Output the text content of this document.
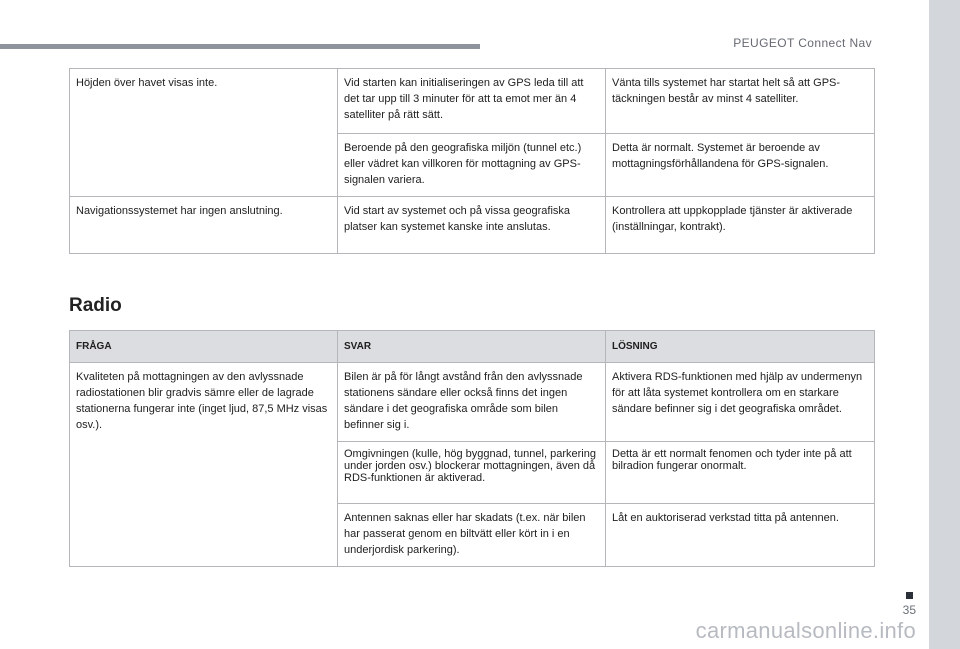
PEUGEOT Connect Nav
Höjden över havet visas inte.	Vid starten kan initialiseringen av GPS leda till att det tar upp till 3 minuter för att ta emot mer än 4 satelliter på rätt sätt.	Vänta tills systemet har startat helt så att GPS-täckningen består av minst 4 satelliter.
	Beroende på den geografiska miljön (tunnel etc.) eller vädret kan villkoren för mottagning av GPS-signalen variera.	Detta är normalt. Systemet är beroende av mottagningsförhållandena för GPS-signalen.
Navigationssystemet har ingen anslutning.	Vid start av systemet och på vissa geografiska platser kan systemet kanske inte anslutas.	Kontrollera att uppkopplade tjänster är aktiverade (inställningar, kontrakt).
Radio
FRÅGA	SVAR	LÖSNING
Kvaliteten på mottagningen av den avlyssnade radiostationen blir gradvis sämre eller de lagrade stationerna fungerar inte (inget ljud, 87,5 MHz visas osv.).	Bilen är på för långt avstånd från den avlyssnade stationens sändare eller också finns det ingen sändare i det geografiska område som bilen befinner sig i.	Aktivera RDS-funktionen med hjälp av undermenyn för att låta systemet kontrollera om en starkare sändare befinner sig i det geografiska området.
	Omgivningen (kulle, hög byggnad, tunnel, parkering under jorden osv.) blockerar mottagningen, även då RDS-funktionen är aktiverad.	Detta är ett normalt fenomen och tyder inte på att bilradion fungerar onormalt.
	Antennen saknas eller har skadats (t.ex. när bilen har passerat genom en biltvätt eller kört in i en underjordisk parkering).	Låt en auktoriserad verkstad titta på antennen.
35
carmanualsonline.info
